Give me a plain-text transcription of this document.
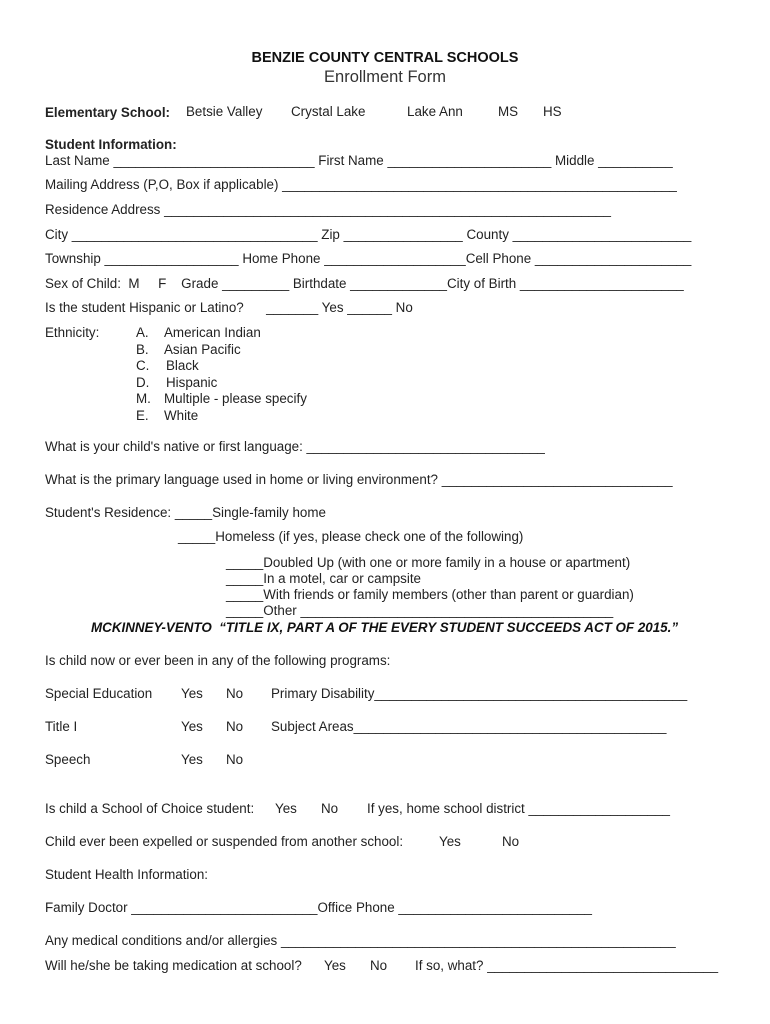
BENZIE COUNTY CENTRAL SCHOOLS
Enrollment Form
Elementary School: Betsie Valley Crystal Lake	Lake Ann	MS HS
Student Information:
Last Name ___________________________ First Name ______________________ Middle __________
Mailing Address (P,O, Box if applicable) _____________________________________________________
Residence Address ____________________________________________________________
City _________________________________ Zip ________________ County ________________________
Township __________________ Home Phone ___________________Cell Phone _____________________
Sex of Child:  M     F    Grade _________ Birthdate _____________City of Birth ______________________
Is the student Hispanic or Latino?      _______ Yes ______ No
Ethnicity:	A. American Indian
B. Asian Pacific
C. Black
D. Hispanic
M. Multiple - please specify
E. White
What is your child's native or first language: ________________________________
What is the primary language used in home or living environment? _______________________________
Student's Residence: _____Single-family home
_____Homeless (if yes, please check one of the following)
_____Doubled Up (with one or more family in a house or apartment)
_____In a motel, car or campsite
_____With friends or family members (other than parent or guardian)
_____Other __________________________________________
MCKINNEY-VENTO  “TITLE IX, PART A OF THE EVERY STUDENT SUCCEEDS ACT OF 2015.”
Is child now or ever been in any of the following programs:
Special Education Yes No Primary Disability__________________________________________
Title I	Yes No Subject Areas__________________________________________
Speech	Yes No
Is child a School of Choice student: Yes No If yes, home school district ___________________
Child ever been expelled or suspended from another school:	Yes	No
Student Health Information:
Family Doctor _________________________Office Phone __________________________
Any medical conditions and/or allergies _____________________________________________________
Will he/she be taking medication at school? Yes No If so, what? _______________________________
